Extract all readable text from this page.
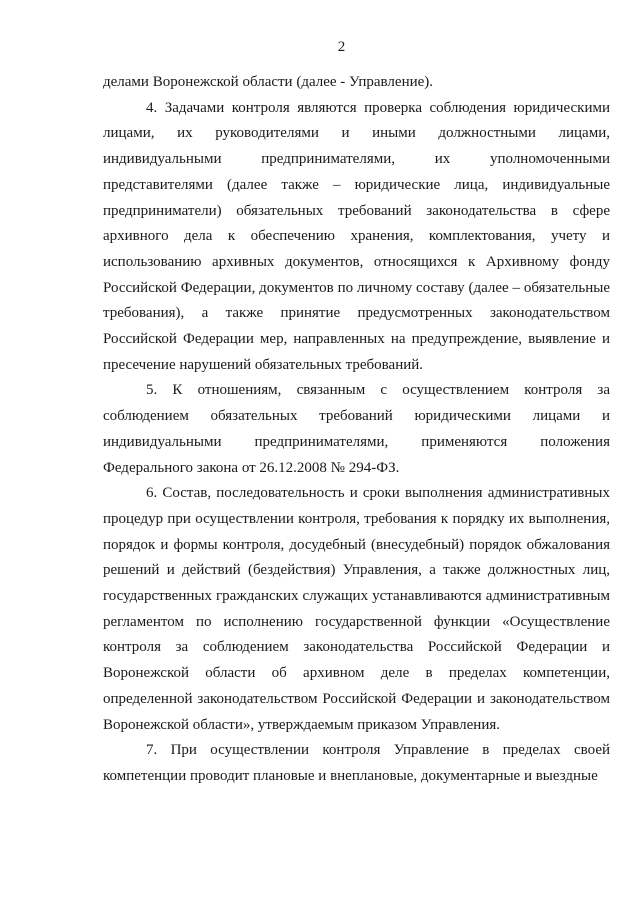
2

делами Воронежской области (далее - Управление).

4. Задачами контроля являются проверка соблюдения юридическими лицами, их руководителями и иными должностными лицами, индивидуальными предпринимателями, их уполномоченными представителями (далее также – юридические лица, индивидуальные предприниматели) обязательных требований законодательства в сфере архивного дела к обеспечению хранения, комплектования, учету и использованию архивных документов, относящихся к Архивному фонду Российской Федерации, документов по личному составу (далее – обязательные требования), а также принятие предусмотренных законодательством Российской Федерации мер, направленных на предупреждение, выявление и пресечение нарушений обязательных требований.

5. К отношениям, связанным с осуществлением контроля за соблюдением обязательных требований юридическими лицами и индивидуальными предпринимателями, применяются положения Федерального закона от 26.12.2008 № 294-ФЗ.

6. Состав, последовательность и сроки выполнения административных процедур при осуществлении контроля, требования к порядку их выполнения, порядок и формы контроля, досудебный (внесудебный) порядок обжалования решений и действий (бездействия) Управления, а также должностных лиц, государственных гражданских служащих устанавливаются административным регламентом по исполнению государственной функции «Осуществление контроля за соблюдением законодательства Российской Федерации и Воронежской области об архивном деле в пределах компетенции, определенной законодательством Российской Федерации и законодательством Воронежской области», утверждаемым приказом Управления.

7. При осуществлении контроля Управление в пределах своей компетенции проводит плановые и внеплановые, документарные и выездные
